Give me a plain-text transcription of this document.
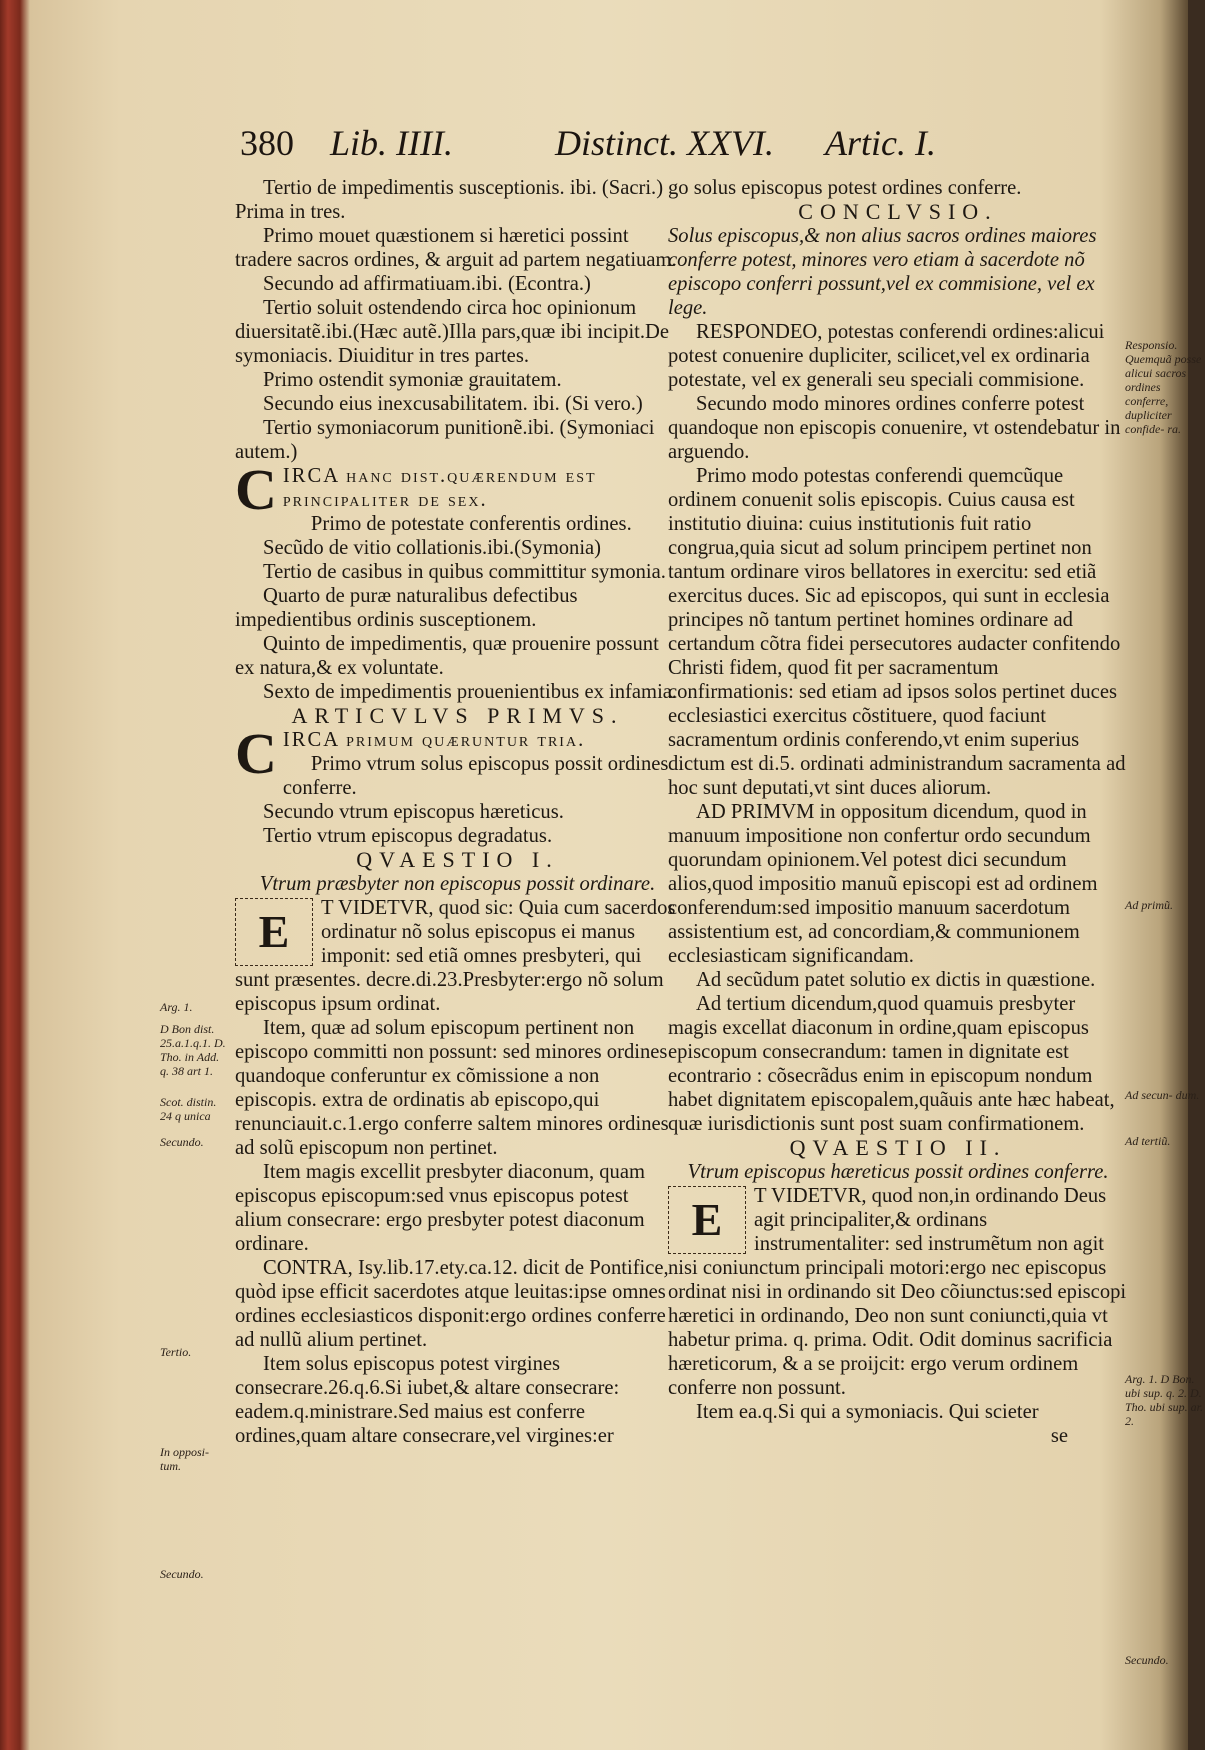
380 Lib. IIII.	Distinct. XXVI. Artic. I.

Tertio de impedimentis susceptionis. ibi. (Sacri.) Prima in tres.

Primo mouet quæstionem si hæretici possint tradere sacros ordines, & arguit ad partem negatiuam.

Secundo ad affirmatiuam.ibi. (Econtra.)

Tertio soluit ostendendo circa hoc opinionum diuersitatẽ.ibi.(Hæc autẽ.)Illa pars,quæ ibi incipit.De symoniacis. Diuiditur in tres partes.

Primo ostendit symoniæ grauitatem.

Secundo eius inexcusabilitatem. ibi. (Si vero.)

Tertio symoniacorum punitionẽ.ibi. (Symoniaci autem.)

CIRCA hanc dist.quærendum est principaliter de sex.

Primo de potestate conferentis ordines.

Secũdo de vitio collationis.ibi.(Symonia)

Tertio de casibus in quibus committitur symonia.

Quarto de puræ naturalibus defectibus impedientibus ordinis susceptionem.

Quinto de impedimentis, quæ prouenire possunt ex natura,& ex voluntate.

Sexto de impedimentis prouenientibus ex infamia.

ARTICVLVS PRIMVS.

CIRCA primum quæruntur tria.

Primo vtrum solus episcopus possit ordines conferre.

Secundo vtrum episcopus hæreticus.

Tertio vtrum episcopus degradatus.

QVAESTIO I.

Vtrum præsbyter non episcopus possit ordinare.

E	T VIDETVR, quod sic: Quia cum sacerdos ordinatur nõ solus episcopus ei manus imponit: sed etiã omnes presbyteri, qui sunt præsentes. decre.di.23.Presbyter:ergo nõ solum episcopus ipsum ordinat.

Item, quæ ad solum episcopum pertinent non episcopo committi non possunt: sed minores ordines quandoque conferuntur ex cõmissione a non episcopis. extra de ordinatis ab episcopo,qui renunciauit.c.1.ergo conferre saltem minores ordines ad solũ episcopum non pertinet.

Item magis excellit presbyter diaconum, quam episcopus episcopum:sed vnus episcopus potest alium consecrare: ergo presbyter potest diaconum ordinare.

CONTRA, Isy.lib.17.ety.ca.12. dicit de Pontifice, quòd ipse efficit sacerdotes atque leuitas:ipse omnes ordines ecclesiasticos disponit:ergo ordines conferre ad nullũ alium pertinet.

Item solus episcopus potest virgines consecrare.26.q.6.Si iubet,& altare consecrare: eadem.q.ministrare.Sed maius est conferre ordines,quam altare consecrare,vel virgines:er

go solus episcopus potest ordines conferre.

CONCLVSIO.

Solus episcopus,& non alius sacros ordines maiores conferre potest, minores vero etiam à sacerdote nõ episcopo conferri possunt,vel ex commisione, vel ex lege.

RESPONDEO, potestas conferendi ordines:alicui potest conuenire dupliciter, scilicet,vel ex ordinaria potestate, vel ex generali seu speciali commisione.

Secundo modo minores ordines conferre potest quandoque non episcopis conuenire, vt ostendebatur in arguendo.

Primo modo potestas conferendi quemcũque ordinem conuenit solis episcopis. Cuius causa est institutio diuina: cuius institutionis fuit ratio congrua,quia sicut ad solum principem pertinet non tantum ordinare viros bellatores in exercitu: sed etiã exercitus duces. Sic ad episcopos, qui sunt in ecclesia principes nõ tantum pertinet homines ordinare ad certandum cõtra fidei persecutores audacter confitendo Christi fidem, quod fit per sacramentum confirmationis: sed etiam ad ipsos solos pertinet duces ecclesiastici exercitus cõstituere, quod faciunt sacramentum ordinis conferendo,vt enim superius dictum est di.5. ordinati administrandum sacramenta ad hoc sunt deputati,vt sint duces aliorum.

AD PRIMVM in oppositum dicendum, quod in manuum impositione non confertur ordo secundum quorundam opinionem.Vel potest dici secundum alios,quod impositio manuũ episcopi est ad ordinem conferendum:sed impositio manuum sacerdotum assistentium est, ad concordiam,& communionem ecclesiasticam significandam.

Ad secũdum patet solutio ex dictis in quæstione.

Ad tertium dicendum,quod quamuis presbyter magis excellat diaconum in ordine,quam episcopus episcopum consecrandum: tamen in dignitate est econtrario : cõsecrãdus enim in episcopum nondum habet dignitatem episcopalem,quãuis ante hæc habeat, quæ iurisdictionis sunt post suam confirmationem.

QVAESTIO II.

Vtrum episcopus hæreticus possit ordines conferre.

E	T VIDETVR, quod non,in ordinando Deus agit principaliter,& ordinans instrumentaliter: sed instrumẽtum non agit nisi coniunctum principali motori:ergo nec episcopus ordinat nisi in ordinando sit Deo cõiunctus:sed episcopi hæretici in ordinando, Deo non sunt coniuncti,quia vt habetur prima. q. prima. Odit. Odit dominus sacrificia hæreticorum, & a se proijcit: ergo verum ordinem conferre non possunt.

Item ea.q.Si qui a symoniacis. Qui scieter

se

Arg. 1.
D Bon dist. 25.a.1.q.1. D. Tho. in Add. q. 38 art 1.
Scot. distin. 24 q unica
Secundo.
Tertio.
In opposi- tum.
Secundo.
Responsio. Quemquã posse alicui sacros ordines conferre, dupliciter confide- ra.
Ad primũ.
Ad secun- dum.
Ad tertiũ.
Arg. 1. D Bon. ubi sup. q. 2. D. Tho. ubi sup. ar. 2.
Secundo.
